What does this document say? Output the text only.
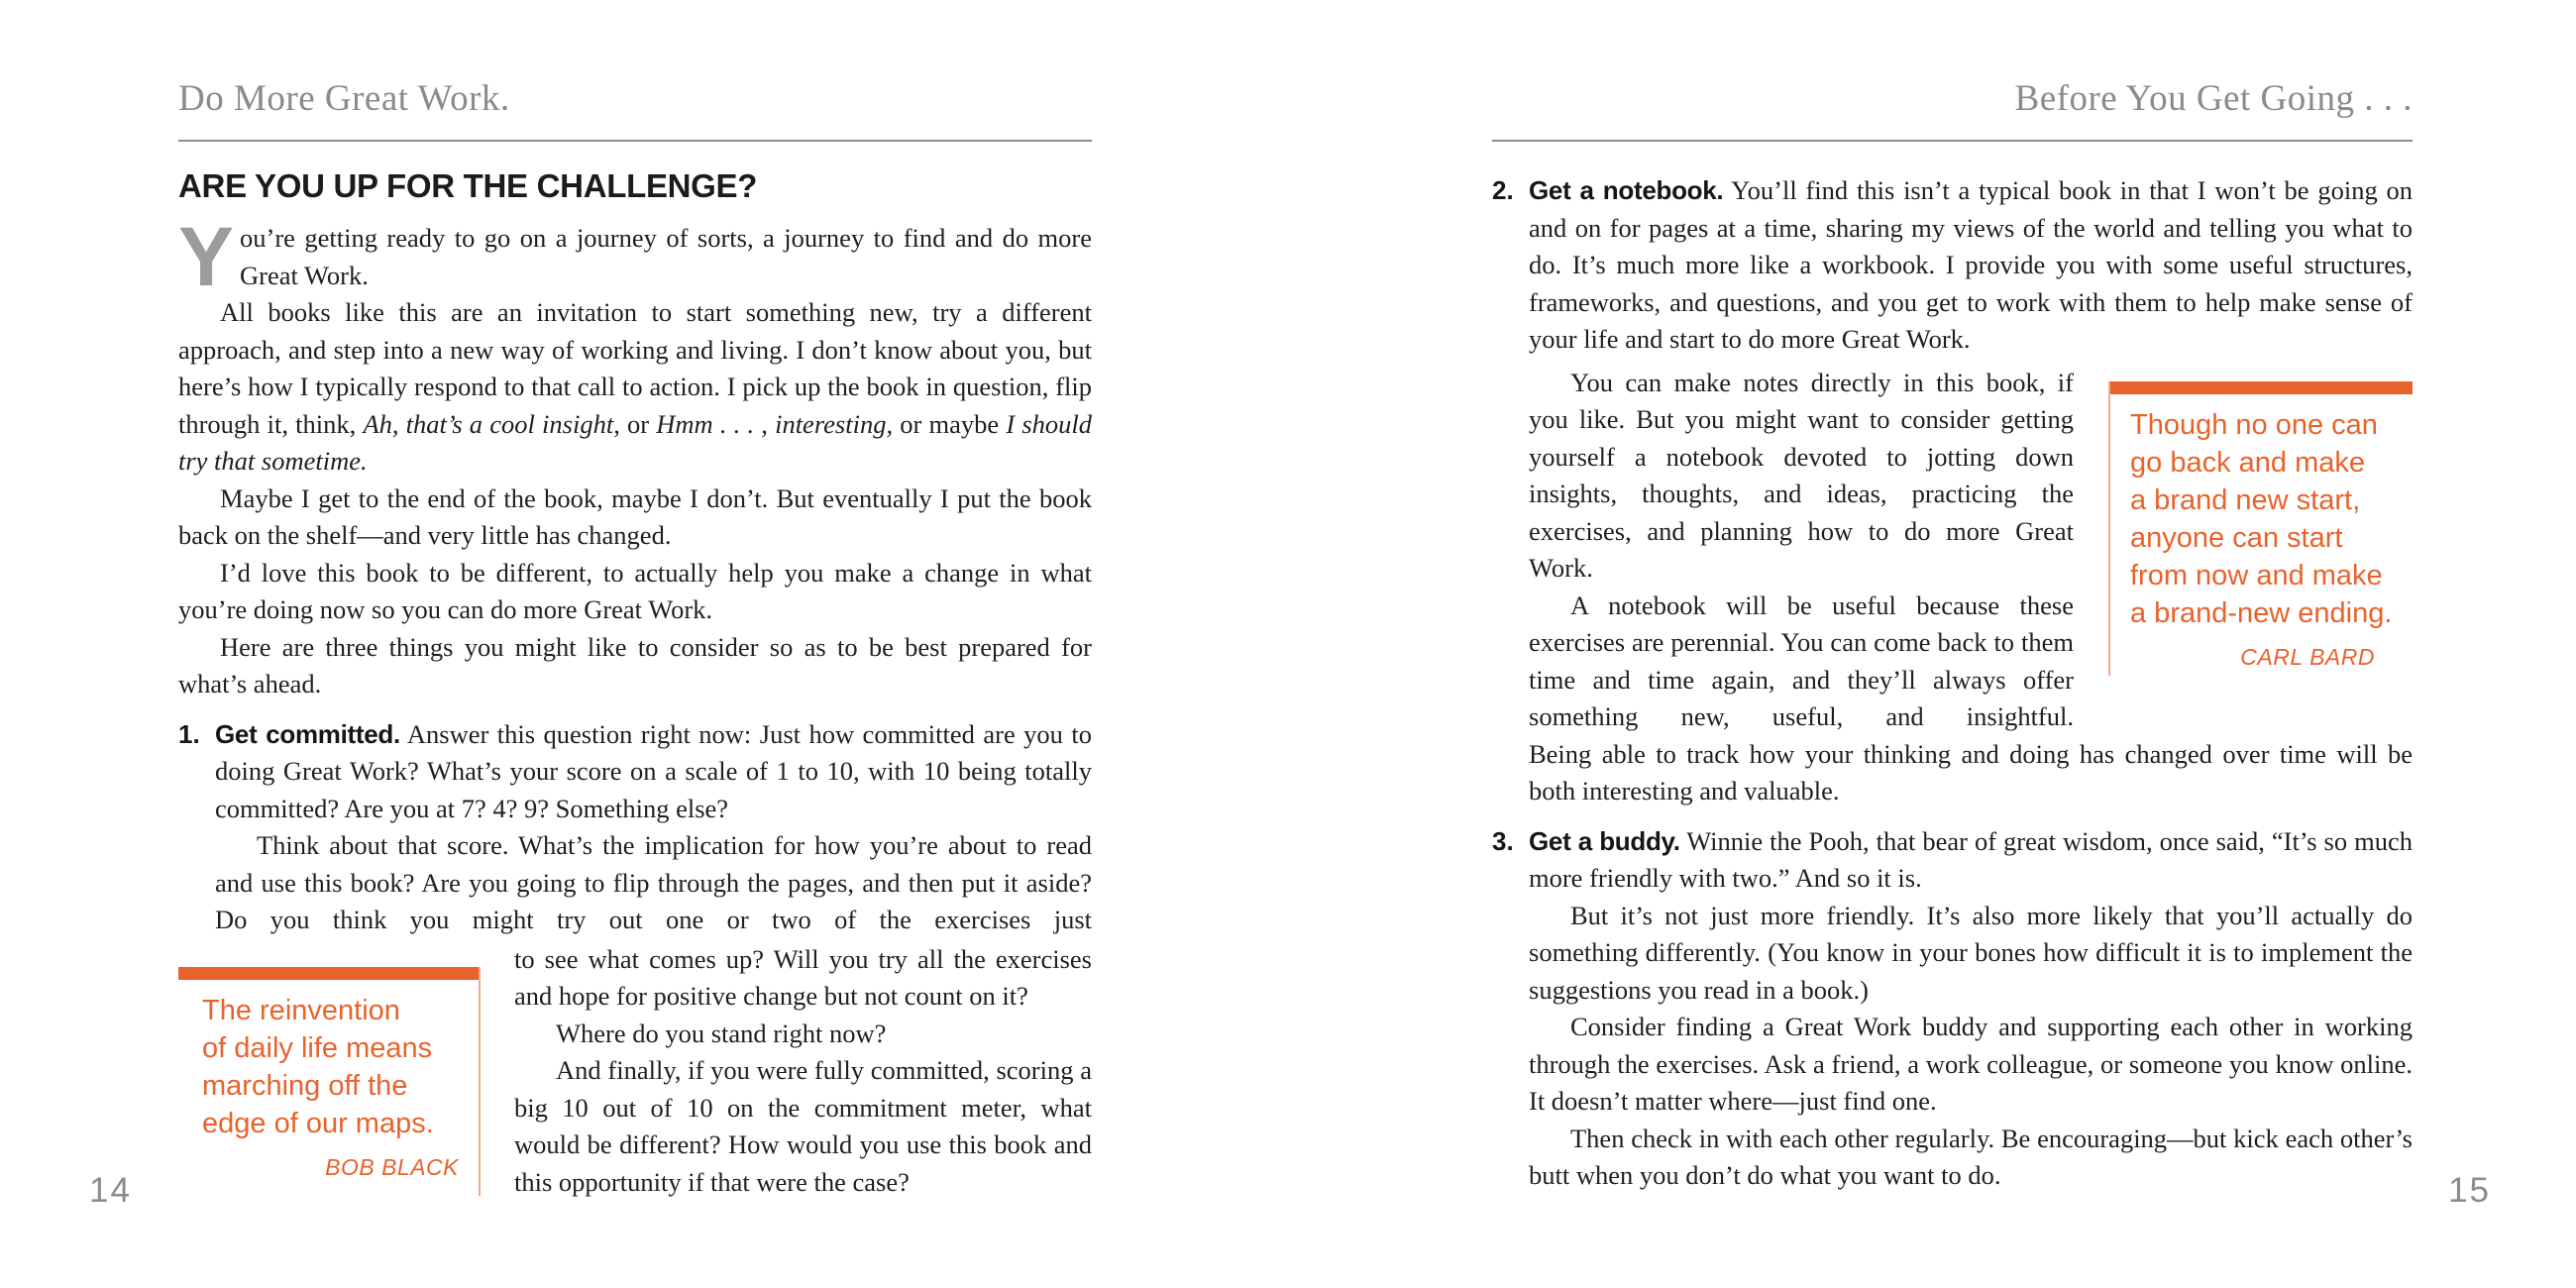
Do More Great Work.
ARE YOU UP FOR THE CHALLENGE?

You’re getting ready to go on a journey of sorts, a journey to find and do more Great Work.

All books like this are an invitation to start something new, try a different approach, and step into a new way of working and living. I don’t know about you, but here’s how I typically respond to that call to action. I pick up the book in question, flip through it, think, Ah, that’s a cool insight, or Hmm . . . , interesting, or maybe I should try that sometime.

Maybe I get to the end of the book, maybe I don’t. But eventually I put the book back on the shelf—and very little has changed.

I’d love this book to be different, to actually help you make a change in what you’re doing now so you can do more Great Work.

Here are three things you might like to consider so as to be best prepared for what’s ahead.

1. Get committed. Answer this question right now: Just how committed are you to doing Great Work? What’s your score on a scale of 1 to 10, with 10 being totally committed? Are you at 7? 4? 9? Something else?

Think about that score. What’s the implication for how you’re about to read and use this book? Are you going to flip through the pages, and then put it aside? Do you think you might try out one or two of the exercises just

The reinvention
of daily life means
marching off the
edge of our maps.
BOB BLACK

to see what comes up? Will you try all the exercises and hope for positive change but not count on it?

Where do you stand right now?

And finally, if you were fully committed, scoring a big 10 out of 10 on the commitment meter, what would be different? How would you use this book and this opportunity if that were the case?

Before You Get Going . . .
2. Get a notebook. You’ll find this isn’t a typical book in that I won’t be going on and on for pages at a time, sharing my views of the world and telling you what to do. It’s much more like a workbook. I provide you with some useful structures, frameworks, and questions, and you get to work with them to help make sense of your life and start to do more Great Work.

You can make notes directly in this book, if you like. But you might want to consider getting yourself a notebook devoted to jotting down insights, thoughts, and ideas, practicing the exercises, and planning how to do more Great Work.

A notebook will be useful because these exercises are perennial. You can come back to them time and time again, and they’ll always offer something new, useful, and insightful.

Though no one can
go back and make
a brand new start,
anyone can start
from now and make
a brand-new ending.
CARL BARD

Being able to track how your thinking and doing has changed over time will be both interesting and valuable.

3. Get a buddy. Winnie the Pooh, that bear of great wisdom, once said, “It’s so much more friendly with two.” And so it is.

But it’s not just more friendly. It’s also more likely that you’ll actually do something differently. (You know in your bones how difficult it is to implement the suggestions you read in a book.)

Consider finding a Great Work buddy and supporting each other in working through the exercises. Ask a friend, a work colleague, or someone you know online. It doesn’t matter where—just find one.

Then check in with each other regularly. Be encouraging—but kick each other’s butt when you don’t do what you want to do.

14	15
